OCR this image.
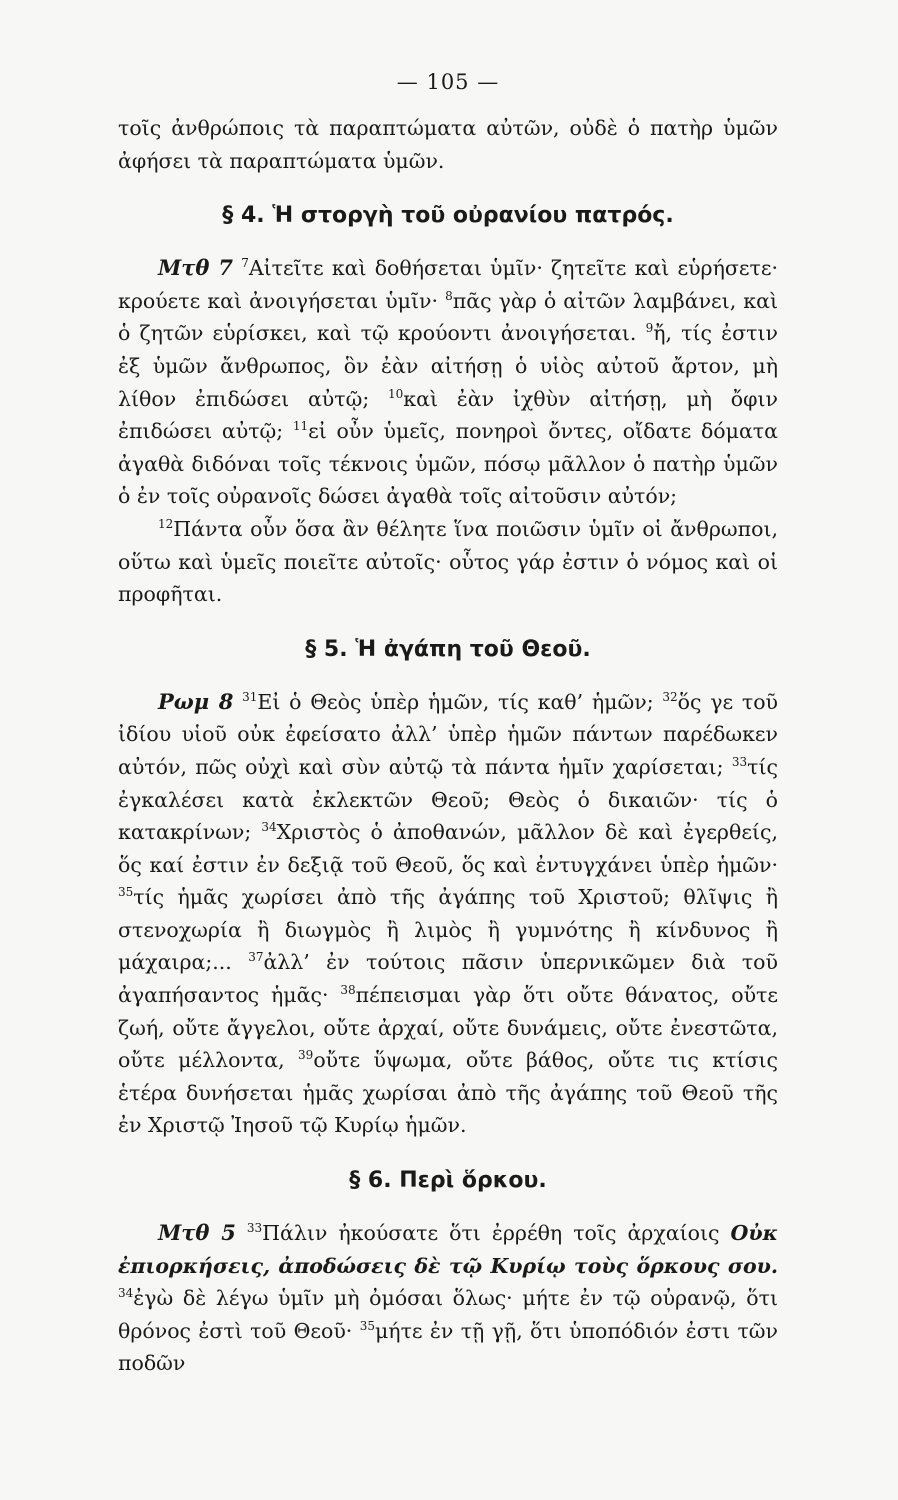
— 105 —

τοῖς ἀνθρώποις τὰ παραπτώματα αὐτῶν, οὐδὲ ὁ πατὴρ ὑμῶν ἀφήσει τὰ παραπτώματα ὑμῶν.

§ 4. Ἡ στοργὴ τοῦ οὐρανίου πατρός.

Μτθ 7 $^7$Αἰτεῖτε καὶ δοθήσεται ὑμῖν· ζητεῖτε καὶ εὑρήσετε· κρούετε καὶ ἀνοιγήσεται ὑμῖν· $^8$πᾶς γὰρ ὁ αἰτῶν λαμβάνει, καὶ ὁ ζητῶν εὑρίσκει, καὶ τῷ κρούοντι ἀνοιγήσεται. $^9$ἤ, τίς ἐστιν ἐξ ὑμῶν ἄνθρωπος, ὃν ἐὰν αἰτήσῃ ὁ υἱὸς αὐτοῦ ἄρτον, μὴ λίθον ἐπιδώσει αὐτῷ; $^{10}$καὶ ἐὰν ἰχθὺν αἰτήσῃ, μὴ ὄφιν ἐπιδώσει αὐτῷ; $^{11}$εἰ οὖν ὑμεῖς, πονηροὶ ὄντες, οἴδατε δόματα ἀγαθὰ διδόναι τοῖς τέκνοις ὑμῶν, πόσῳ μᾶλλον ὁ πατὴρ ὑμῶν ὁ ἐν τοῖς οὐρανοῖς δώσει ἀγαθὰ τοῖς αἰτοῦσιν αὐτόν;

$^{12}$Πάντα οὖν ὅσα ἂν θέλητε ἵνα ποιῶσιν ὑμῖν οἱ ἄνθρωποι, οὕτω καὶ ὑμεῖς ποιεῖτε αὐτοῖς· οὗτος γάρ ἐστιν ὁ νόμος καὶ οἱ προφῆται.

§ 5. Ἡ ἀγάπη τοῦ Θεοῦ.

Ρωμ 8 $^{31}$Εἰ ὁ Θεὸς ὑπὲρ ἡμῶν, τίς καθ’ ἡμῶν; $^{32}$ὅς γε τοῦ ἰδίου υἱοῦ οὐκ ἐφείσατο ἀλλ’ ὑπὲρ ἡμῶν πάντων παρέδωκεν αὐτόν, πῶς οὐχὶ καὶ σὺν αὐτῷ τὰ πάντα ἡμῖν χαρίσεται; $^{33}$τίς ἐγκαλέσει κατὰ ἐκλεκτῶν Θεοῦ; Θεὸς ὁ δικαιῶν· τίς ὁ κατακρίνων; $^{34}$Χριστὸς ὁ ἀποθανών, μᾶλλον δὲ καὶ ἐγερθείς, ὅς καί ἐστιν ἐν δεξιᾷ τοῦ Θεοῦ, ὅς καὶ ἐντυγχάνει ὑπὲρ ἡμῶν· $^{35}$τίς ἡμᾶς χωρίσει ἀπὸ τῆς ἀγάπης τοῦ Χριστοῦ; θλῖψις ἢ στενοχωρία ἢ διωγμὸς ἢ λιμὸς ἢ γυμνότης ἢ κίνδυνος ἢ μάχαιρα;... $^{37}$ἀλλ’ ἐν τούτοις πᾶσιν ὑπερνικῶμεν διὰ τοῦ ἀγαπήσαντος ἡμᾶς· $^{38}$πέπεισμαι γὰρ ὅτι οὔτε θάνατος, οὔτε ζωή, οὔτε ἄγγελοι, οὔτε ἀρχαί, οὔτε δυνάμεις, οὔτε ἐνεστῶτα, οὔτε μέλλοντα, $^{39}$οὔτε ὕψωμα, οὔτε βάθος, οὔτε τις κτίσις ἑτέρα δυνήσεται ἡμᾶς χωρίσαι ἀπὸ τῆς ἀγάπης τοῦ Θεοῦ τῆς ἐν Χριστῷ Ἰησοῦ τῷ Κυρίῳ ἡμῶν.

§ 6. Περὶ ὅρκου.

Μτθ 5 $^{33}$Πάλιν ἠκούσατε ὅτι ἐρρέθη τοῖς ἀρχαίοις Οὐκ ἐπιορκήσεις, ἀποδώσεις δὲ τῷ Κυρίῳ τοὺς ὅρκους σου. $^{34}$ἐγὼ δὲ λέγω ὑμῖν μὴ ὀμόσαι ὅλως· μήτε ἐν τῷ οὐρανῷ, ὅτι θρόνος ἐστὶ τοῦ Θεοῦ· $^{35}$μήτε ἐν τῇ γῇ, ὅτι ὑποπόδιόν ἐστι τῶν ποδῶν
